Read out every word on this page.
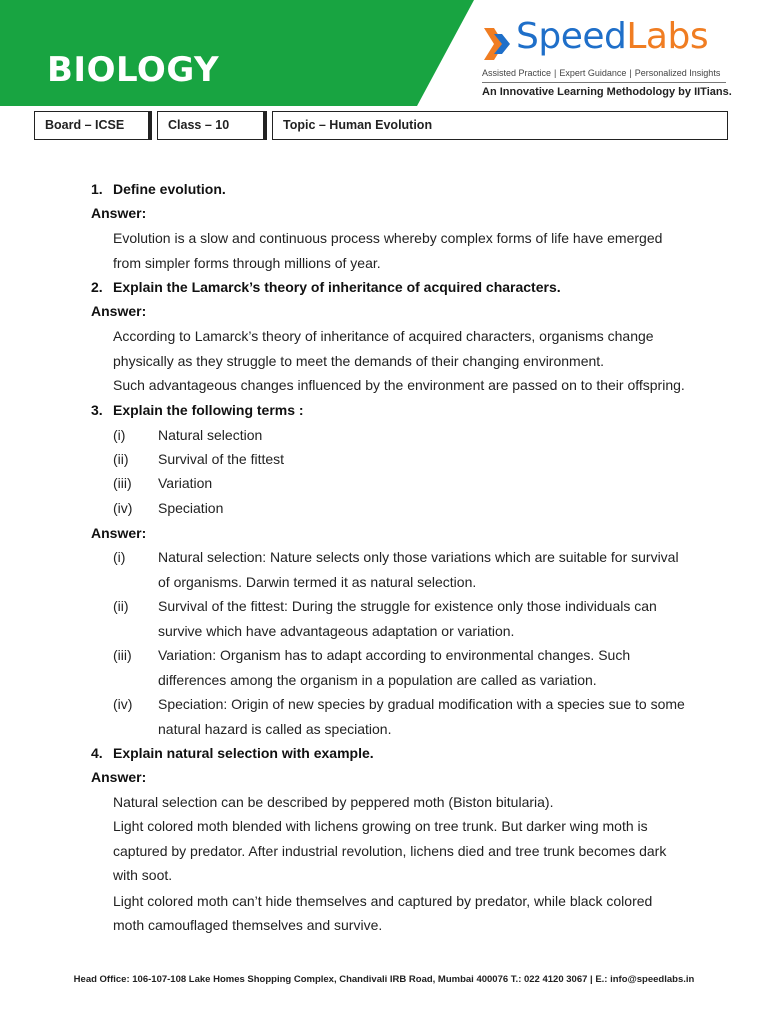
BIOLOGY
SpeedLabs
Assisted Practice | Expert Guidance | Personalized Insights
An Innovative Learning Methodology by IITians.
Board – ICSE	Class – 10	Topic – Human Evolution
1. Define evolution.
Answer:
Evolution is a slow and continuous process whereby complex forms of life have emerged
from simpler forms through millions of year.
2. Explain the Lamarck’s theory of inheritance of acquired characters.
Answer:
According to Lamarck’s theory of inheritance of acquired characters, organisms change
physically as they struggle to meet the demands of their changing environment.
Such advantageous changes influenced by the environment are passed on to their offspring.
3. Explain the following terms :
(i) Natural selection
(ii) Survival of the fittest
(iii) Variation
(iv) Speciation
Answer:
(i) Natural selection: Nature selects only those variations which are suitable for survival
of organisms. Darwin termed it as natural selection.
(ii) Survival of the fittest: During the struggle for existence only those individuals can
survive which have advantageous adaptation or variation.
(iii) Variation: Organism has to adapt according to environmental changes. Such
differences among the organism in a population are called as variation.
(iv) Speciation: Origin of new species by gradual modification with a species sue to some
natural hazard is called as speciation.
4. Explain natural selection with example.
Answer:
Natural selection can be described by peppered moth (Biston bitularia).
Light colored moth blended with lichens growing on tree trunk. But darker wing moth is
captured by predator. After industrial revolution, lichens died and tree trunk becomes dark
with soot.
Light colored moth can’t hide themselves and captured by predator, while black colored
moth camouflaged themselves and survive.
Head Office: 106-107-108 Lake Homes Shopping Complex, Chandivali IRB Road, Mumbai 400076 T.: 022 4120 3067 | E.: info@speedlabs.in
